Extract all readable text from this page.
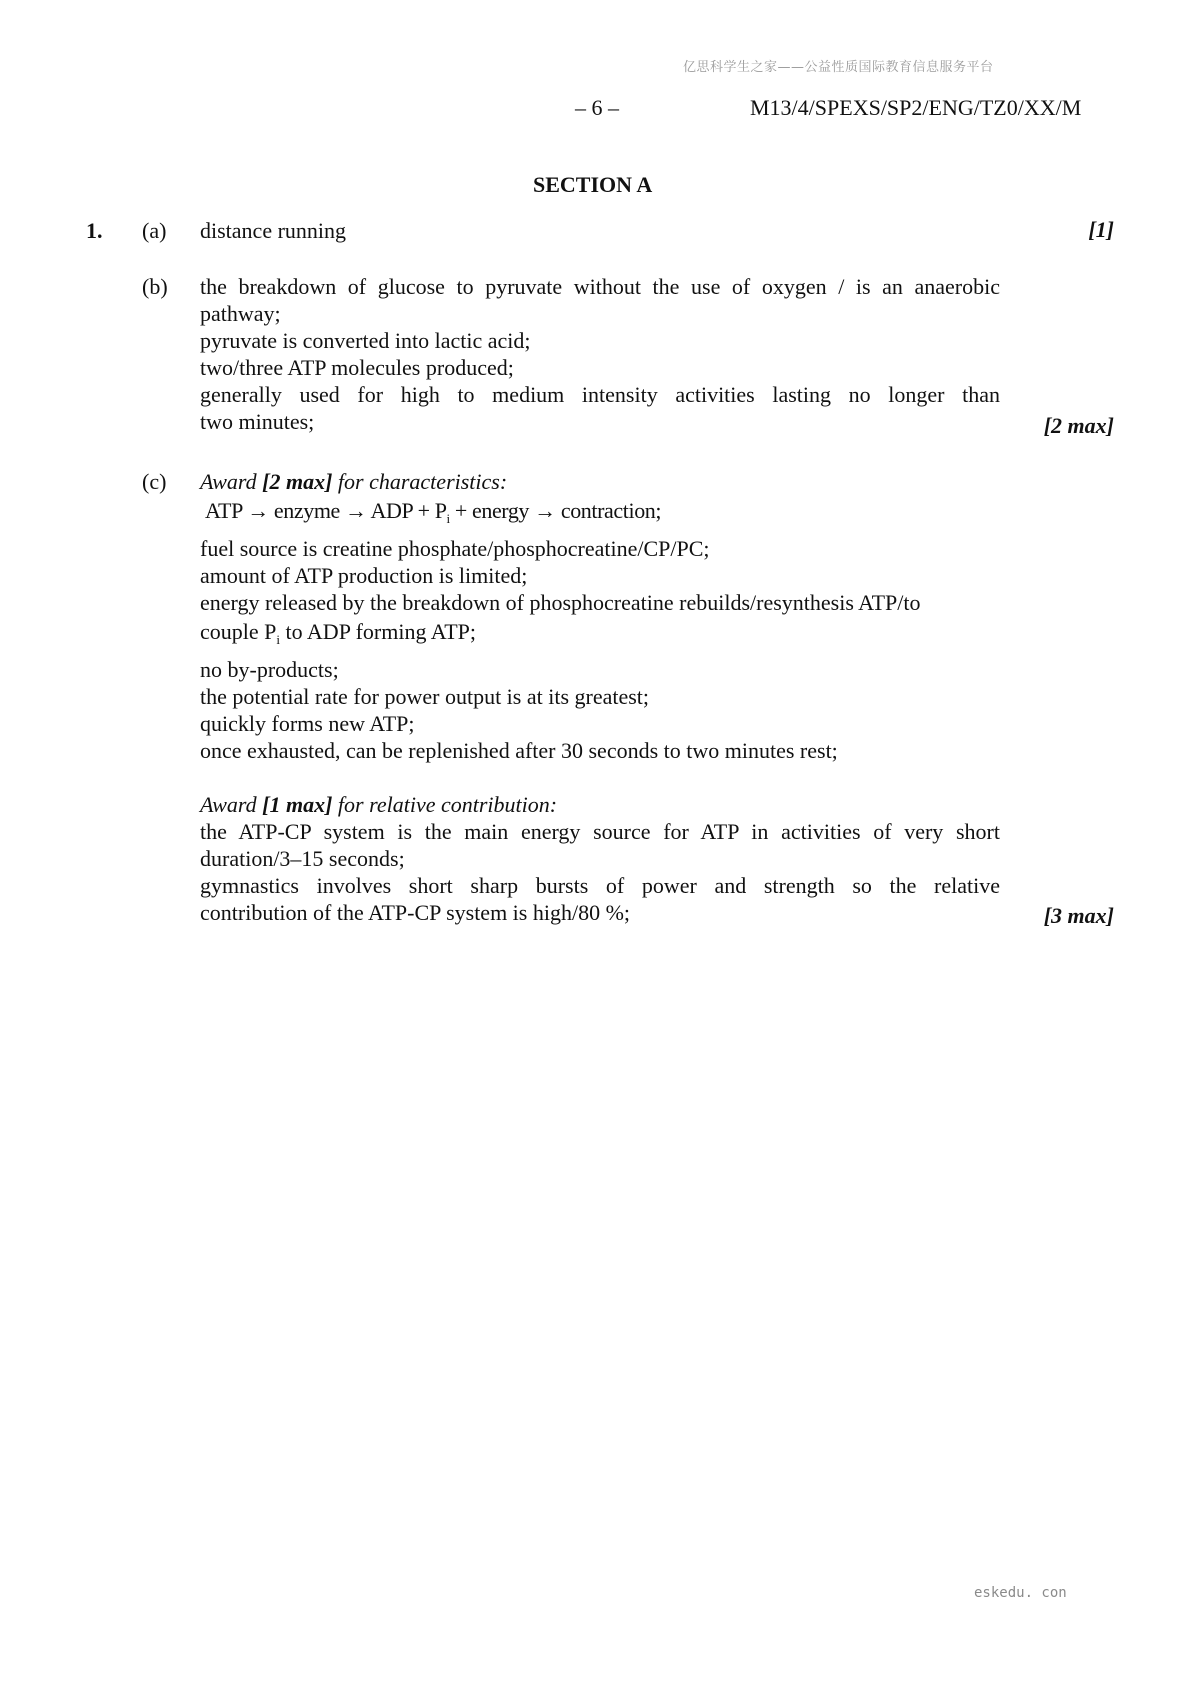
亿思科学生之家——公益性质国际教育信息服务平台
– 6 –	M13/4/SPEXS/SP2/ENG/TZ0/XX/M
SECTION A
1. (a) distance running	[1]
(b) the breakdown of glucose to pyruvate without the use of oxygen / is an anaerobic
pathway;
pyruvate is converted into lactic acid;
two/three ATP molecules produced;
generally used for high to medium intensity activities lasting no longer than
two minutes;	[2 max]
(c) Award [2 max] for characteristics:
ATP → enzyme → ADP + $P_i$ + energy → contraction;
fuel source is creatine phosphate/phosphocreatine/CP/PC;
amount of ATP production is limited;
energy released by the breakdown of phosphocreatine rebuilds/resynthesis ATP/to
couple $P_i$ to ADP forming ATP;
no by-products;
the potential rate for power output is at its greatest;
quickly forms new ATP;
once exhausted, can be replenished after 30 seconds to two minutes rest;
Award [1 max] for relative contribution:
the ATP-CP system is the main energy source for ATP in activities of very short
duration/3–15 seconds;
gymnastics involves short sharp bursts of power and strength so the relative
contribution of the ATP-CP system is high/80 %;	[3 max]
eskedu. con
